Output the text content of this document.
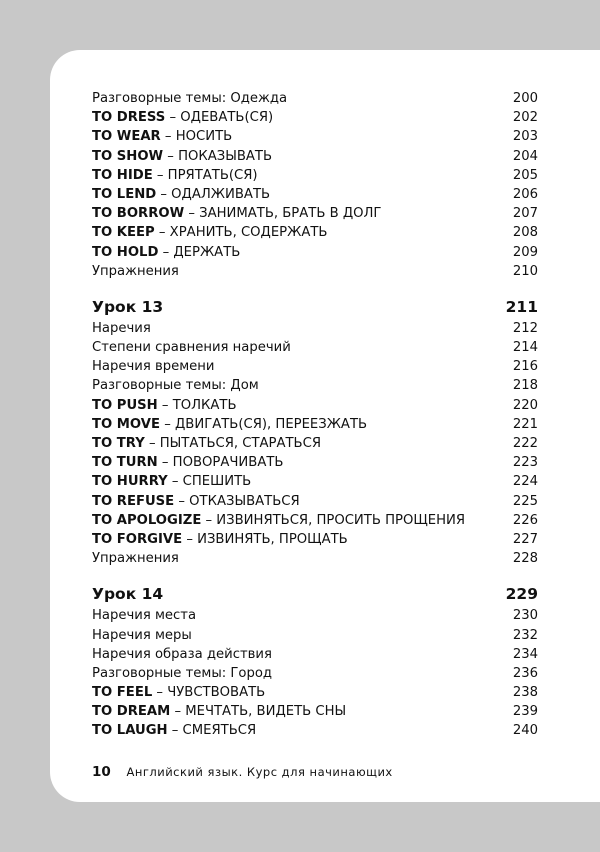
Разговорные темы: Одежда	200
TO DRESS – ОДЕВАТЬ(СЯ)	202
TO WEAR – НОСИТЬ	203
TO SHOW – ПОКАЗЫВАТЬ	204
TO HIDE – ПРЯТАТЬ(СЯ)	205
TO LEND – ОДАЛЖИВАТЬ	206
TO BORROW – ЗАНИМАТЬ, БРАТЬ В ДОЛГ	207
TO KEEP – ХРАНИТЬ, СОДЕРЖАТЬ	208
TO HOLD – ДЕРЖАТЬ	209
Упражнения	210
Урок 13	211
Наречия	212
Степени сравнения наречий	214
Наречия времени	216
Разговорные темы: Дом	218
TO PUSH – ТОЛКАТЬ	220
TO MOVE – ДВИГАТЬ(СЯ), ПЕРЕЕЗЖАТЬ	221
TO TRY – ПЫТАТЬСЯ, СТАРАТЬСЯ	222
TO TURN – ПОВОРАЧИВАТЬ	223
TO HURRY – СПЕШИТЬ	224
TO REFUSE – ОТКАЗЫВАТЬСЯ	225
TO APOLOGIZE – ИЗВИНЯТЬСЯ, ПРОСИТЬ ПРОЩЕНИЯ	226
TO FORGIVE – ИЗВИНЯТЬ, ПРОЩАТЬ	227
Упражнения	228
Урок 14	229
Наречия места	230
Наречия меры	232
Наречия образа действия	234
Разговорные темы: Город	236
TO FEEL – ЧУВСТВОВАТЬ	238
TO DREAM – МЕЧТАТЬ, ВИДЕТЬ СНЫ	239
TO LAUGH – СМЕЯТЬСЯ	240
10 Английский язык. Курс для начинающих
